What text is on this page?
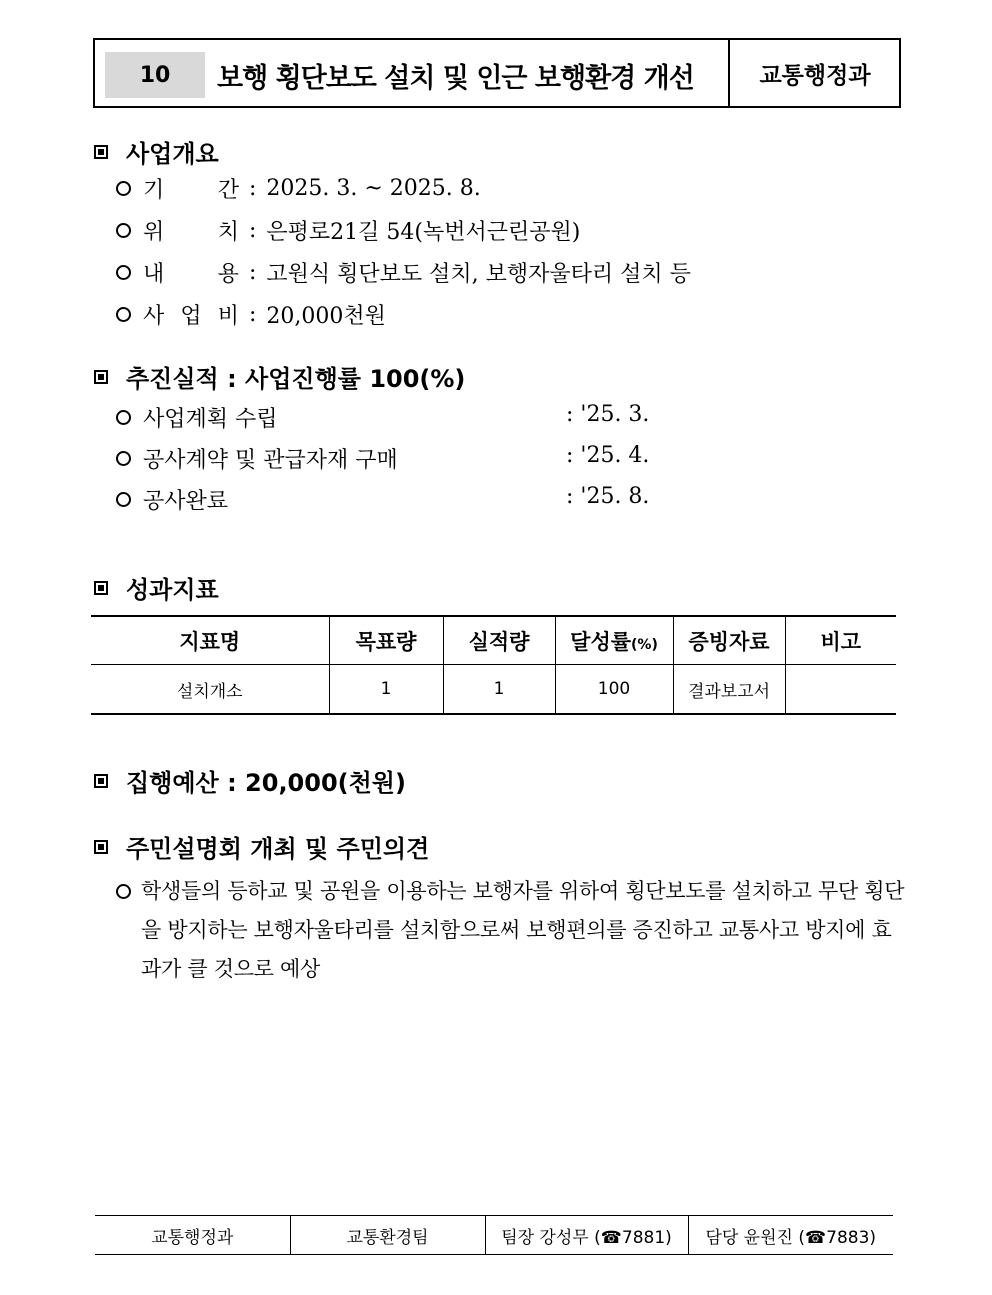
10	보행 횡단보도 설치 및 인근 보행환경 개선	교통행정과
사업개요
기 간 : 2025. 3. ~ 2025. 8.
위 치 : 은평로21길 54(녹번서근린공원)
내 용 : 고원식 횡단보도 설치, 보행자울타리 설치 등
사 업 비 : 20,000천원
추진실적 : 사업진행률 100(%)
사업계획 수립	: '25. 3.
공사계약 및 관급자재 구매	: '25. 4.
공사완료	: '25. 8.
성과지표
지표명	목표량	실적량	달성률(%)	증빙자료	비고
설치개소	1	1	100	결과보고서	
집행예산 : 20,000(천원)
주민설명회 개최 및 주민의견
학생들의 등하교 및 공원을 이용하는 보행자를 위하여 횡단보도를 설치하고 무단 횡단을 방지하는 보행자울타리를 설치함으로써 보행편의를 증진하고 교통사고 방지에 효과가 클 것으로 예상
교통행정과	교통환경팀	팀장 강성무 (☎7881)	담당 윤원진 (☎7883)
